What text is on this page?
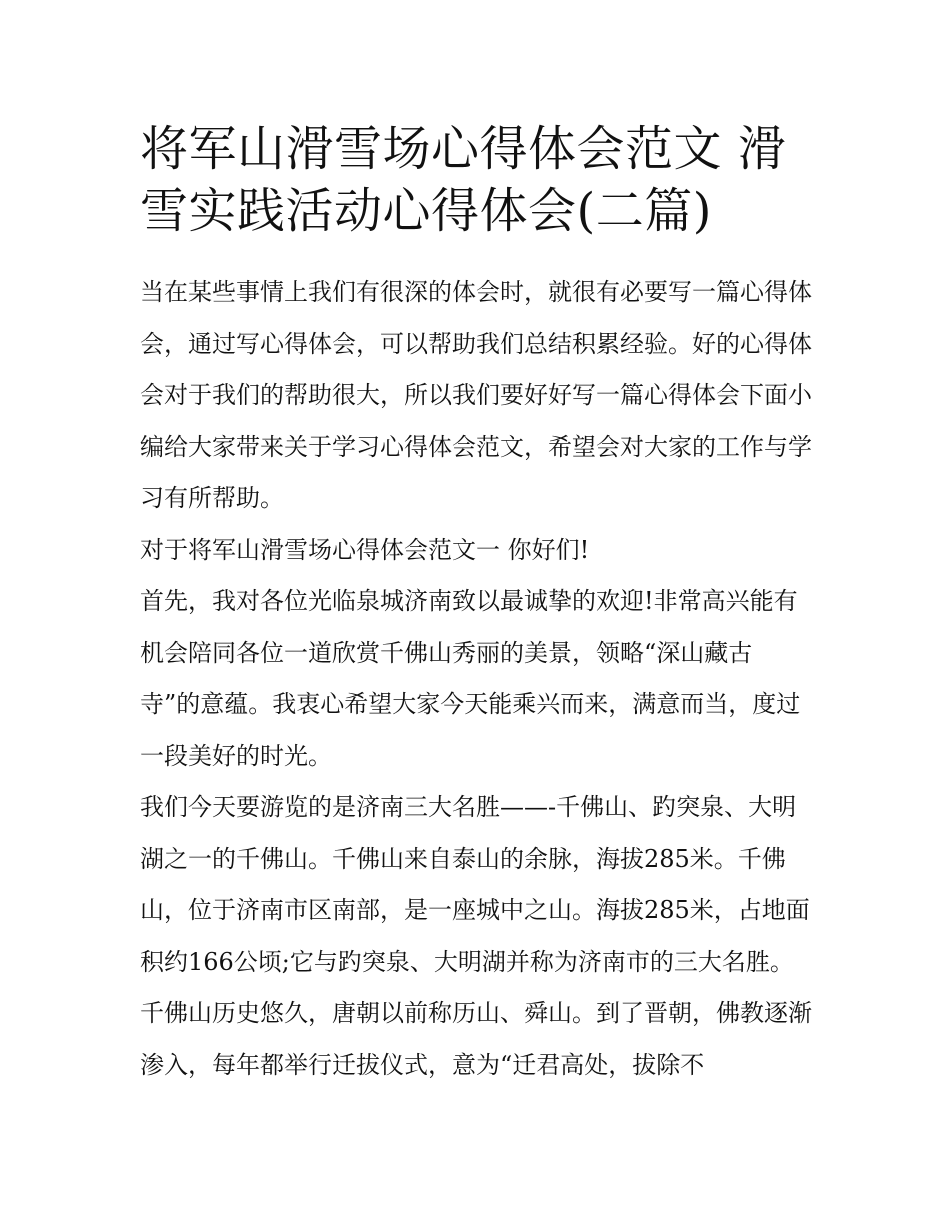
将军山滑雪场心得体会范文 滑雪实践活动心得体会(二篇)

当在某些事情上我们有很深的体会时，就很有必要写一篇心得体会，通过写心得体会，可以帮助我们总结积累经验。好的心得体会对于我们的帮助很大，所以我们要好好写一篇心得体会下面小编给大家带来关于学习心得体会范文，希望会对大家的工作与学习有所帮助。

对于将军山滑雪场心得体会范文一 你好们!

首先，我对各位光临泉城济南致以最诚挚的欢迎!非常高兴能有机会陪同各位一道欣赏千佛山秀丽的美景，领略“深山藏古寺”的意蕴。我衷心希望大家今天能乘兴而来，满意而当，度过一段美好的时光。

我们今天要游览的是济南三大名胜——-千佛山、趵突泉、大明湖之一的千佛山。千佛山来自泰山的余脉，海拔285米。千佛山，位于济南市区南部，是一座城中之山。海拔285米，占地面积约166公顷;它与趵突泉、大明湖并称为济南市的三大名胜。千佛山历史悠久，唐朝以前称历山、舜山。到了晋朝，佛教逐渐渗入，每年都举行迁拔仪式，意为“迁君高处，拔除不
